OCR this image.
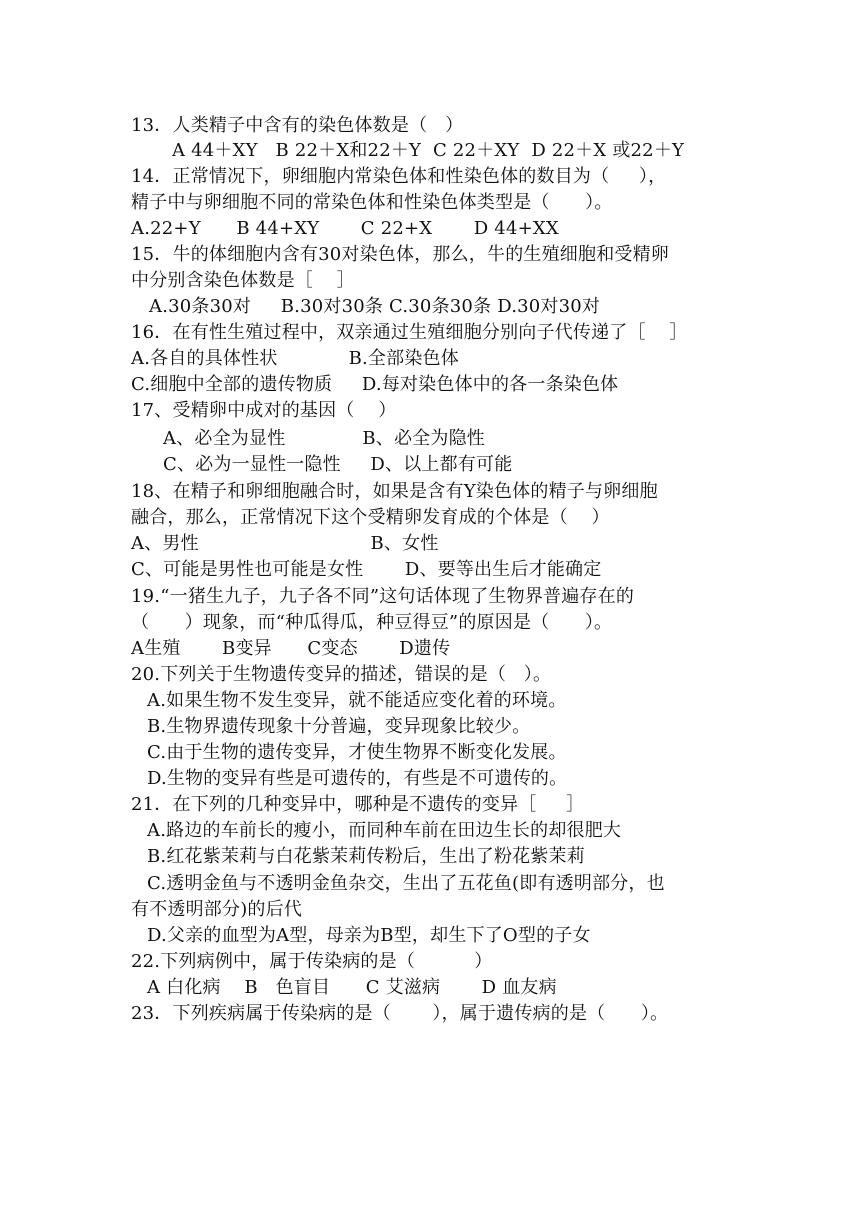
13．人类精子中含有的染色体数是（   ）
A 44＋XY   B 22＋X和22＋Y  C 22＋XY  D 22＋X 或22＋Y
14．正常情况下，卵细胞内常染色体和性染色体的数目为（     ），
精子中与卵细胞不同的常染色体和性染色体类型是（      ）。
A.22+Y      B 44+XY       C 22+X       D 44+XX
15．牛的体细胞内含有30对染色体，那么，牛的生殖细胞和受精卵
中分别含染色体数是［    ］
A.30条30对     B.30对30条 C.30条30条 D.30对30对
16．在有性生殖过程中，双亲通过生殖细胞分别向子代传递了［    ］
A.各自的具体性状            B.全部染色体
C.细胞中全部的遗传物质     D.每对染色体中的各一条染色体
17、受精卵中成对的基因（    ）
A、必全为显性             B、必全为隐性
C、必为一显性一隐性     D、以上都有可能
18、在精子和卵细胞融合时，如果是含有Y染色体的精子与卵细胞
融合，那么，正常情况下这个受精卵发育成的个体是（    ）
A、男性                             B、女性
C、可能是男性也可能是女性       D、要等出生后才能确定
19.“一猪生九子，九子各不同”这句话体现了生物界普遍存在的
（      ）现象，而“种瓜得瓜，种豆得豆”的原因是（      ）。
A生殖       B变异      C变态       D遗传
20.下列关于生物遗传变异的描述，错误的是（   ）。
A.如果生物不发生变异，就不能适应变化着的环境。
B.生物界遗传现象十分普遍，变异现象比较少。
C.由于生物的遗传变异，才使生物界不断变化发展。
D.生物的变异有些是可遗传的，有些是不可遗传的。
21．在下列的几种变异中，哪种是不遗传的变异［     ］
A.路边的车前长的瘦小，而同种车前在田边生长的却很肥大
B.红花紫茉莉与白花紫茉莉传粉后，生出了粉花紫茉莉
C.透明金鱼与不透明金鱼杂交，生出了五花鱼(即有透明部分，也
有不透明部分)的后代
D.父亲的血型为A型，母亲为B型，却生下了O型的子女
22.下列病例中，属于传染病的是（          ）
A 白化病    B   色盲目      C 艾滋病       D 血友病
23．下列疾病属于传染病的是（       ），属于遗传病的是（      ）。
